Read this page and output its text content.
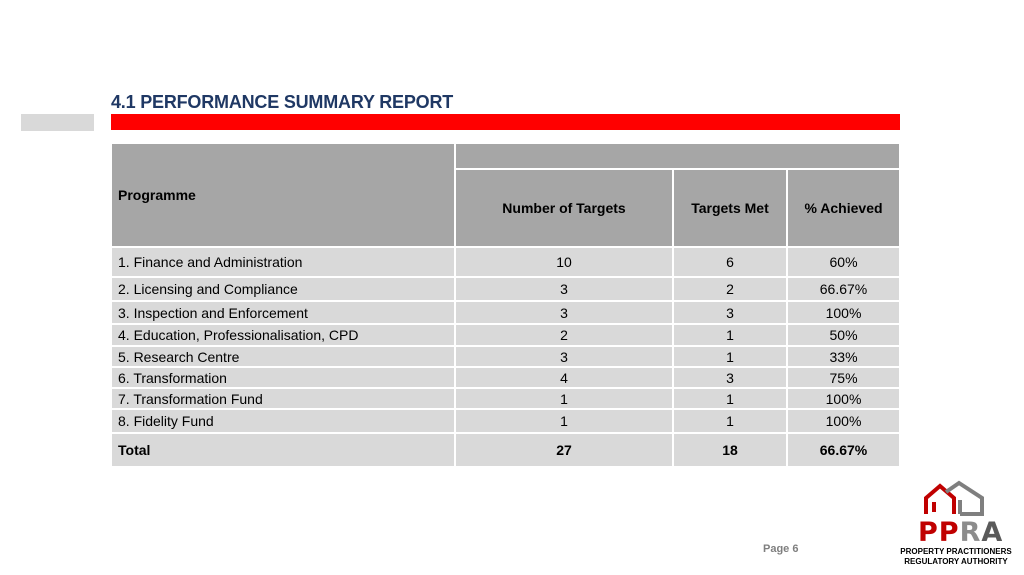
4.1 PERFORMANCE SUMMARY REPORT
Programme			
	Number of Targets	Targets Met	% Achieved
1. Finance and Administration	10	6	60%
2. Licensing and Compliance	3	2	66.67%
3. Inspection and Enforcement	3	3	100%
4. Education, Professionalisation, CPD	2	1	50%
5. Research Centre	3	1	33%
6. Transformation	4	3	75%
7. Transformation Fund	1	1	100%
8. Fidelity Fund	1	1	100%
Total	27	18	66.67%
Page 6
PPRA
PROPERTY PRACTITIONERS
REGULATORY AUTHORITY
